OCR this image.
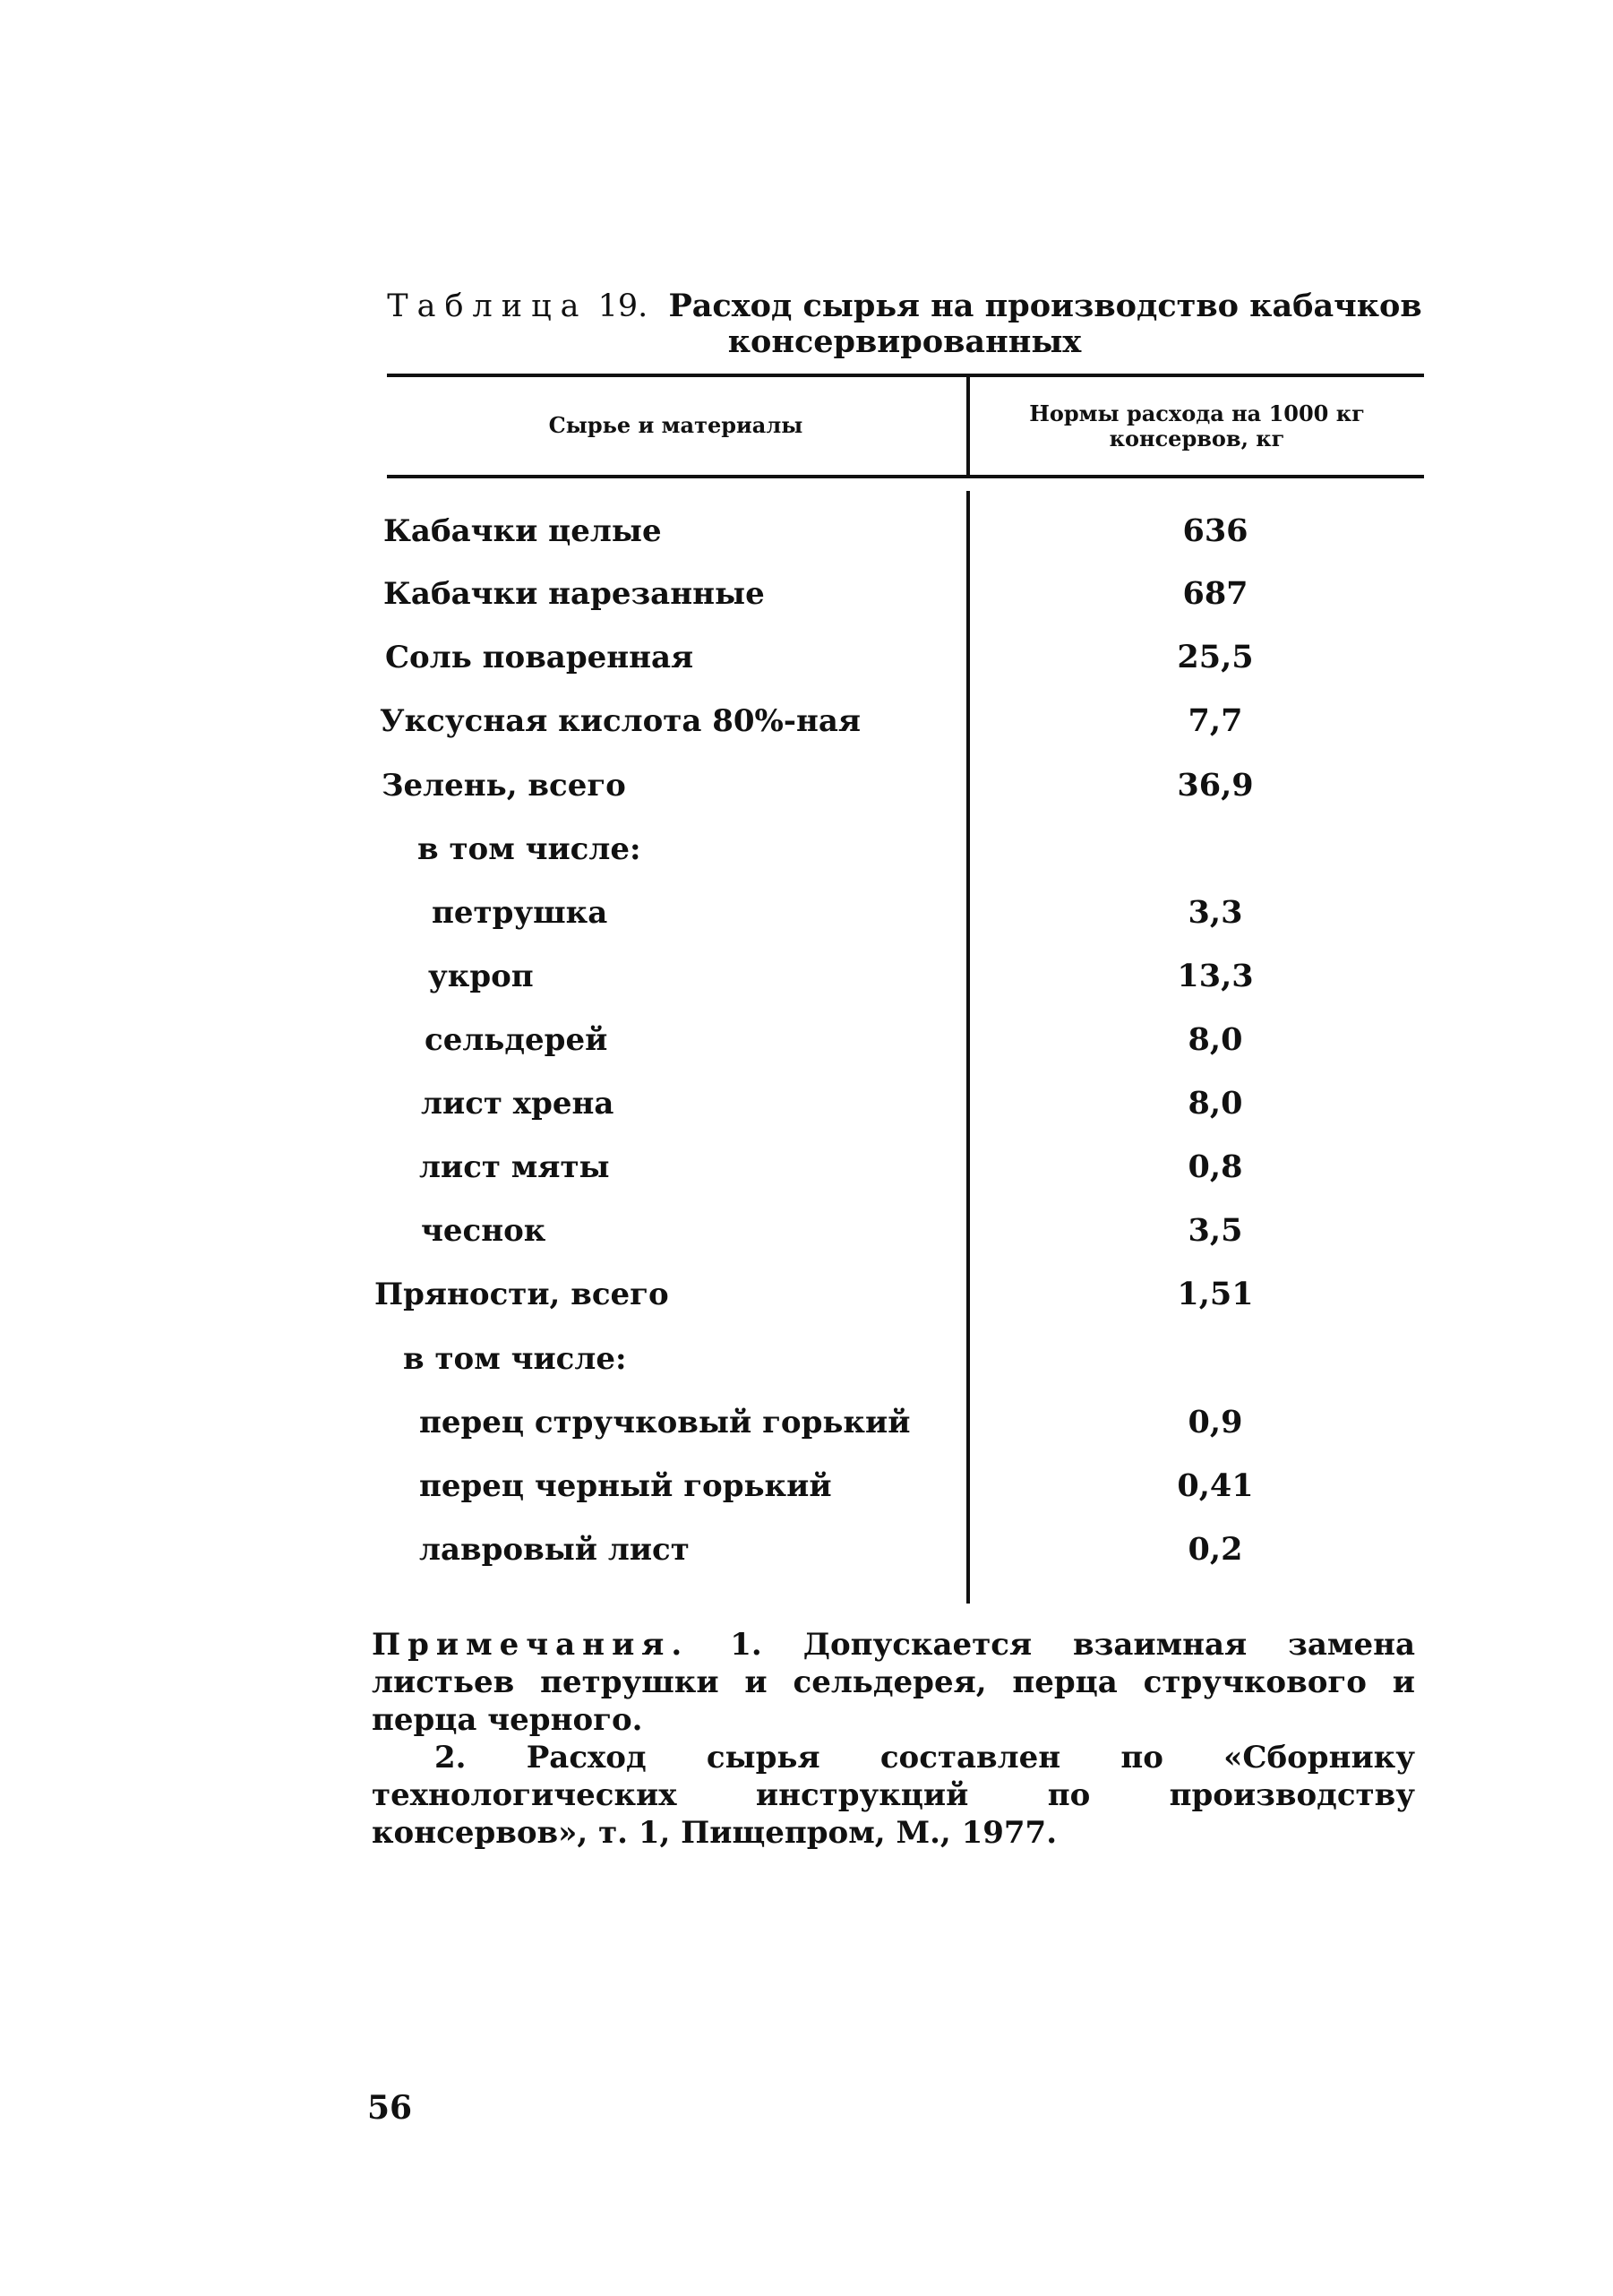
Таблица 19. Расход сырья на производство кабачков
консервированных
Сырье и материалы	Нормы расхода на 1000 кг
консервов, кг
Кабачки целые	636
Кабачки нарезанные	687
Соль поваренная	25,5
Уксусная кислота 80%-ная	7,7
Зелень, всего	36,9
в том числе:
петрушка	3,3
укроп	13,3
сельдерей	8,0
лист хрена	8,0
лист мяты	0,8
чеснок	3,5
Пряности, всего	1,51
в том числе:
перец стручковый горький	0,9
перец черный горький	0,41
лавровый лист	0,2

Примечания. 1. Допускается взаимная замена листьев петрушки и сельдерея, перца стручкового и перца черного.

2. Расход сырья составлен по «Сборнику технологических инструкций по производству консервов», т. 1, Пищепром, М., 1977.

56
